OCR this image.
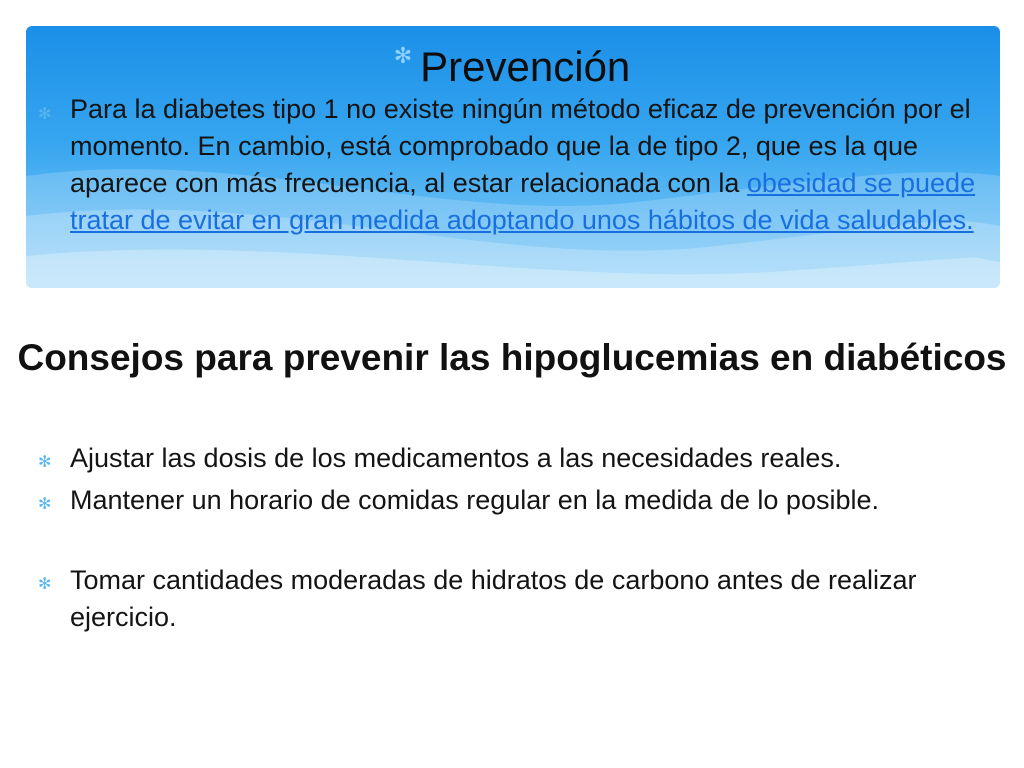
✻ Prevención
✻ Para la diabetes tipo 1 no existe ningún método eficaz de prevención por el momento. En cambio, está comprobado que la de tipo 2, que es la que aparece con más frecuencia, al estar relacionada con la obesidad se puede tratar de evitar en gran medida adoptando unos hábitos de vida saludables.
Consejos para prevenir las hipoglucemias en diabéticos
✻ Ajustar las dosis de los medicamentos a las necesidades reales.
✻ Mantener un horario de comidas regular en la medida de lo posible.
✻ Tomar cantidades moderadas de hidratos de carbono antes de realizar ejercicio.
